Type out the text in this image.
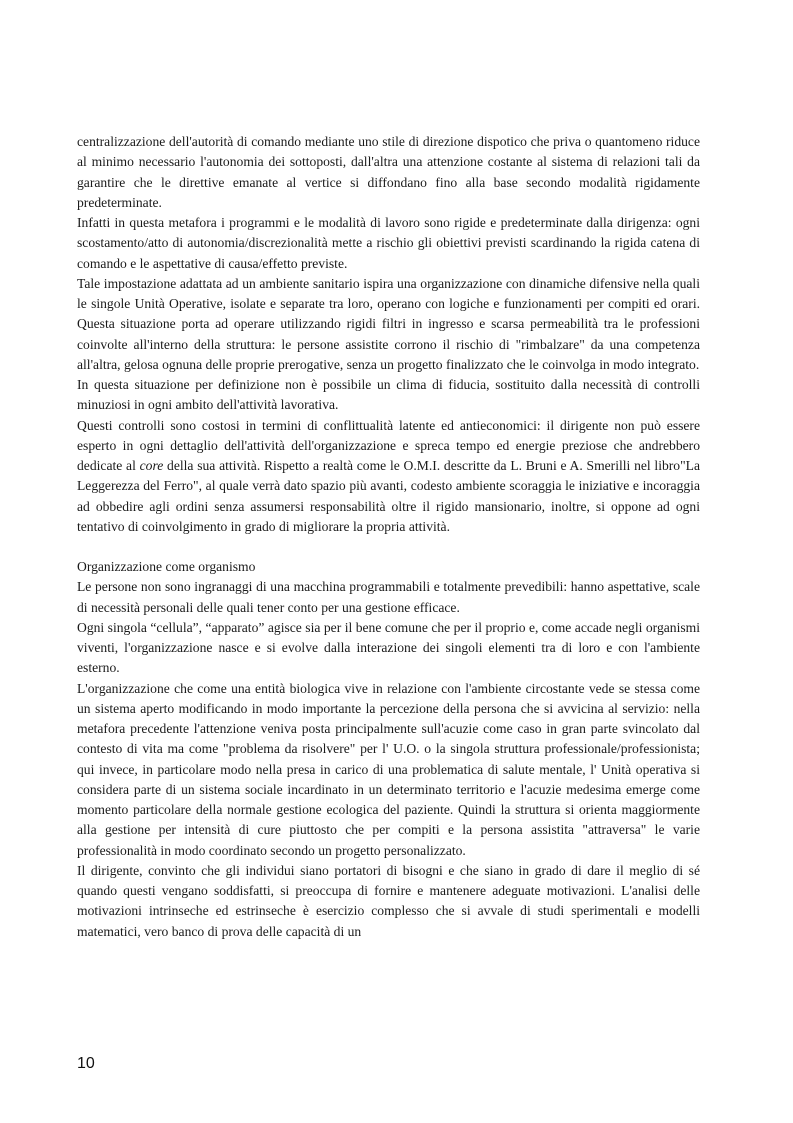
centralizzazione dell'autorità di comando mediante uno stile di direzione dispotico che priva o quantomeno riduce al minimo necessario l'autonomia dei sottoposti, dall'altra una attenzione costante al sistema di relazioni tali da garantire che le direttive emanate al vertice si diffondano fino alla base secondo modalità rigidamente predeterminate.

Infatti in questa metafora i programmi e le modalità di lavoro sono rigide e predeterminate dalla dirigenza: ogni scostamento/atto di autonomia/discrezionalità mette a rischio gli obiettivi previsti scardinando la rigida catena di comando e le aspettative di causa/effetto previste.

Tale impostazione adattata ad un ambiente sanitario ispira una organizzazione con dinamiche difensive nella quali le singole Unità Operative, isolate e separate tra loro, operano con logiche e funzionamenti per compiti ed orari. Questa situazione porta ad operare utilizzando rigidi filtri in ingresso e scarsa permeabilità tra le professioni coinvolte all'interno della struttura: le persone assistite corrono il rischio di "rimbalzare" da una competenza all'altra, gelosa ognuna delle proprie prerogative, senza un progetto finalizzato che le coinvolga in modo integrato.

In questa situazione per definizione non è possibile un clima di fiducia, sostituito dalla necessità di controlli minuziosi in ogni ambito dell'attività lavorativa.

Questi controlli sono costosi in termini di conflittualità latente ed antieconomici: il dirigente non può essere esperto in ogni dettaglio dell'attività dell'organizzazione e spreca tempo ed energie preziose che andrebbero dedicate al core della sua attività. Rispetto a realtà come le O.M.I. descritte da L. Bruni e A. Smerilli nel libro"La Leggerezza del Ferro", al quale verrà dato spazio più avanti, codesto ambiente scoraggia le iniziative e incoraggia ad obbedire agli ordini senza assumersi responsabilità oltre il rigido mansionario, inoltre, si oppone ad ogni tentativo di coinvolgimento in grado di migliorare la propria attività.

Organizzazione come organismo

Le persone non sono ingranaggi di una macchina programmabili e totalmente prevedibili: hanno aspettative, scale di necessità personali delle quali tener conto per una gestione efficace.

Ogni singola “cellula”, “apparato” agisce sia per il bene comune che per il proprio e, come accade negli organismi viventi, l'organizzazione nasce e si evolve dalla interazione dei singoli elementi tra di loro e con l'ambiente esterno.

L'organizzazione che come una entità biologica vive in relazione con l'ambiente circostante vede se stessa come un sistema aperto modificando in modo importante la percezione della persona che si avvicina al servizio: nella metafora precedente l'attenzione veniva posta principalmente sull'acuzie come caso in gran parte svincolato dal contesto di vita ma come "problema da risolvere" per l' U.O. o la singola struttura professionale/professionista; qui invece, in particolare modo nella presa in carico di una problematica di salute mentale, l' Unità operativa si considera parte di un sistema sociale incardinato in un determinato territorio e l'acuzie medesima emerge come momento particolare della normale gestione ecologica del paziente. Quindi la struttura si orienta maggiormente alla gestione per intensità di cure piuttosto che per compiti e la persona assistita "attraversa" le varie professionalità in modo coordinato secondo un progetto personalizzato.

Il dirigente, convinto che gli individui siano portatori di bisogni e che siano in grado di dare il meglio di sé quando questi vengano soddisfatti, si preoccupa di fornire e mantenere adeguate motivazioni. L'analisi delle motivazioni intrinseche ed estrinseche è esercizio complesso che si avvale di studi sperimentali e modelli matematici, vero banco di prova delle capacità di un

10
